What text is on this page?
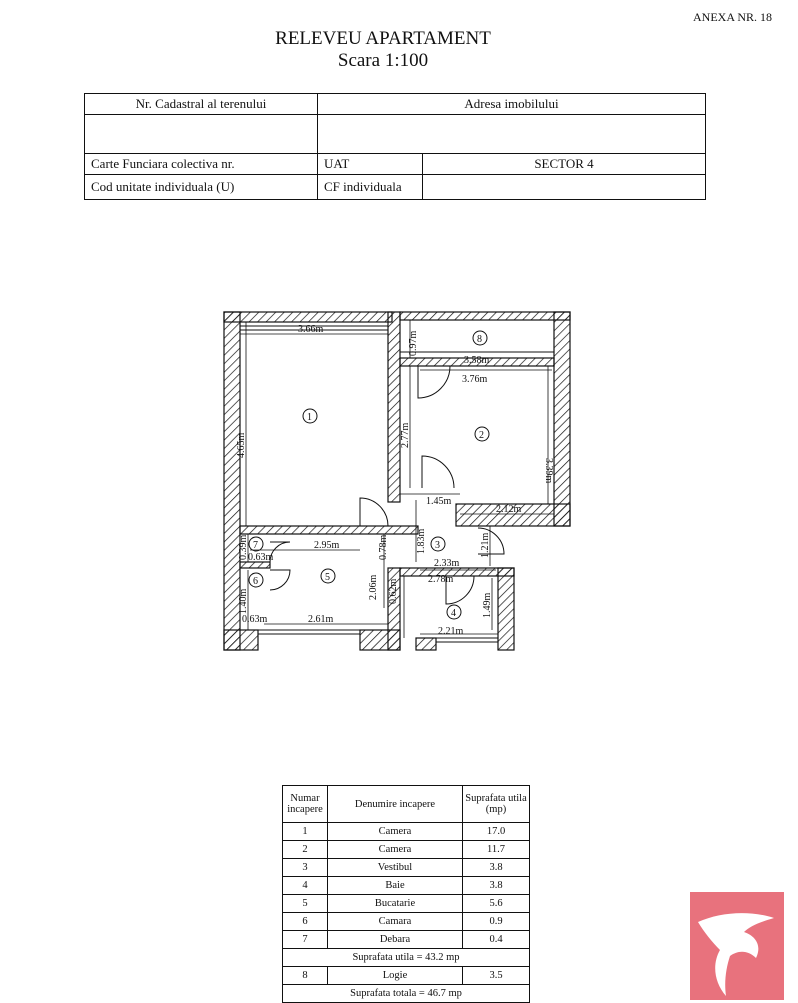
ANEXA NR. 18
RELEVEU APARTAMENT
Scara 1:100
Nr. Cadastral al terenului	Adresa imobilului	

Carte Funciara colectiva nr.	UAT	SECTOR 4
Cod unitate individuala (U)	CF individuala	
1
2
3
4
5
6
7
8
3.66m
4.65m
0.97m
3.58m
3.76m
2.77m
3.39m
1.45m
2.12m
1.83m
2.33m
1.21m
2.95m	0.78m
2.06m
2.61m
2.78m
0.62m
1.49m
2.21m
0.39m 0.63m
1.40m
0.63m
Numar incapere	Denumire incapere	Suprafata utila (mp)
1	Camera	17.0
2	Camera	11.7
3	Vestibul	3.8
4	Baie	3.8
5	Bucatarie	5.6
6	Camara	0.9
7	Debara	0.4
Suprafata utila = 43.2 mp		
8	Logie	3.5
Suprafata totala = 46.7 mp		
